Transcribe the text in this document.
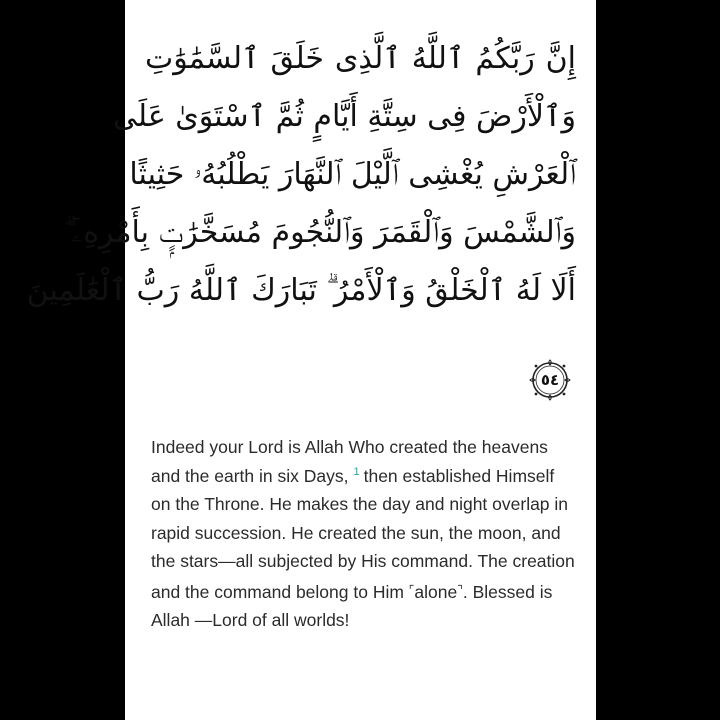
إِنَّ رَبَّكُمُ ٱللَّهُ ٱلَّذِى خَلَقَ ٱلسَّمَٰوَٰتِ
وَٱلْأَرْضَ فِى سِتَّةِ أَيَّامٍ ثُمَّ ٱسْتَوَىٰ عَلَى
ٱلْعَرْشِ يُغْشِى ٱلَّيْلَ ٱلنَّهَارَ يَطْلُبُهُۥ حَثِيثًا
وَٱلشَّمْسَ وَٱلْقَمَرَ وَٱلنُّجُومَ مُسَخَّرَٰتٍۭ بِأَمْرِهِۦٓ ۗ
أَلَا لَهُ ٱلْخَلْقُ وَٱلْأَمْرُ ۗ تَبَارَكَ ٱللَّهُ رَبُّ ٱلْعَٰلَمِينَ
٥٤
Indeed your Lord is Allah Who created the heavens and the earth in six Days, $^1$ then established Himself on the Throne. He makes the day and night overlap in rapid succession. He created the sun, the moon, and the stars—all subjected by His command. The creation and the command belong to Him ⌜alone⌝. Blessed is Allah —Lord of all worlds!
